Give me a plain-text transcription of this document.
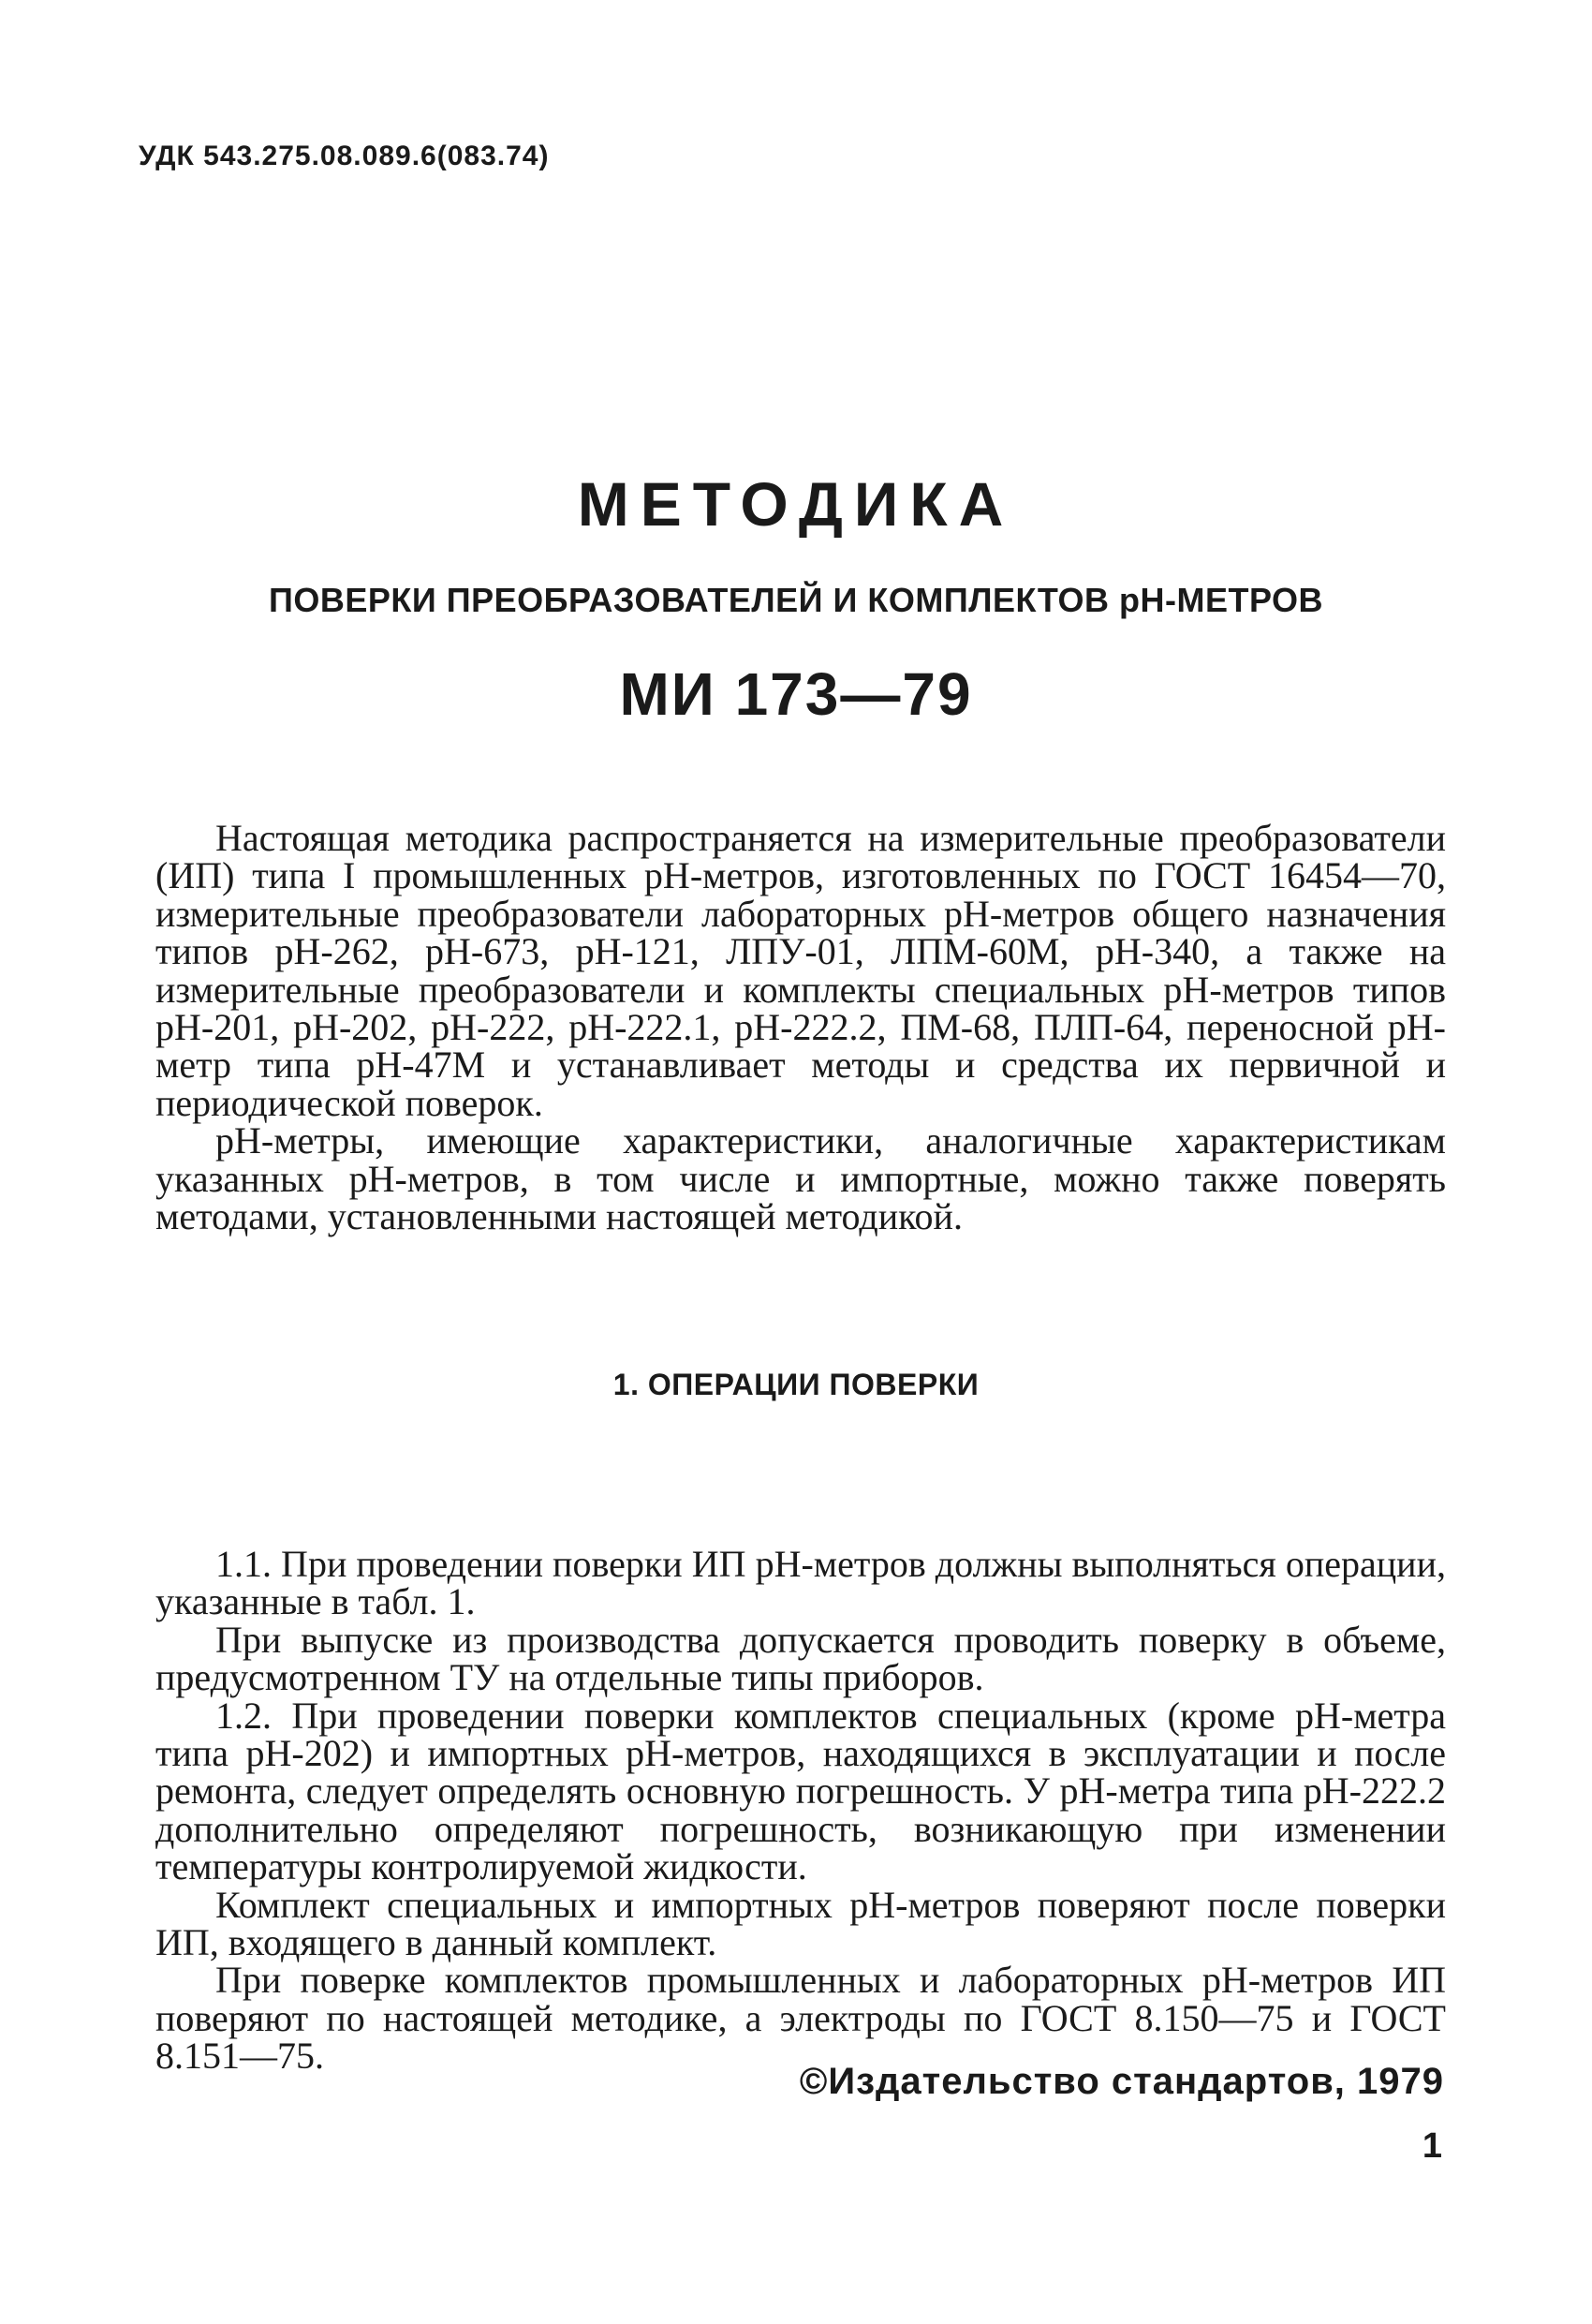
УДК 543.275.08.089.6(083.74)
МЕТОДИКА
ПОВЕРКИ ПРЕОБРАЗОВАТЕЛЕЙ И КОМПЛЕКТОВ рН-МЕТРОВ
МИ 173—79

Настоящая методика распространяется на измерительные преобразователи (ИП) типа I промышленных рН-метров, изготовленных по ГОСТ 16454—70, измерительные преобразователи лабораторных рН-метров общего назначения типов рН-262, рН-673, рН-121, ЛПУ-01, ЛПМ-60М, рН-340, а также на измерительные преобразователи и комплекты специальных рН-метров типов рН-201, рН-202, рН-222, рН-222.1, рН-222.2, ПМ-68, ПЛП-64, переносной рН-метр типа рН-47М и устанавливает методы и средства их первичной и периодической поверок.

рН-метры, имеющие характеристики, аналогичные характеристикам указанных рН-метров, в том числе и импортные, можно также поверять методами, установленными настоящей методикой.

1. ОПЕРАЦИИ ПОВЕРКИ

1.1. При проведении поверки ИП рН-метров должны выполняться операции, указанные в табл. 1.

При выпуске из производства допускается проводить поверку в объеме, предусмотренном ТУ на отдельные типы приборов.

1.2. При проведении поверки комплектов специальных (кроме рН-метра типа рН-202) и импортных рН-метров, находящихся в эксплуатации и после ремонта, следует определять основную погрешность. У рН-метра типа рН-222.2 дополнительно определяют погрешность, возникающую при изменении температуры контролируемой жидкости.

Комплект специальных и импортных рН-метров поверяют после поверки ИП, входящего в данный комплект.

При поверке комплектов промышленных и лабораторных рН-метров ИП поверяют по настоящей методике, а электроды по ГОСТ 8.150—75 и ГОСТ 8.151—75.

©Издательство стандартов, 1979
1
